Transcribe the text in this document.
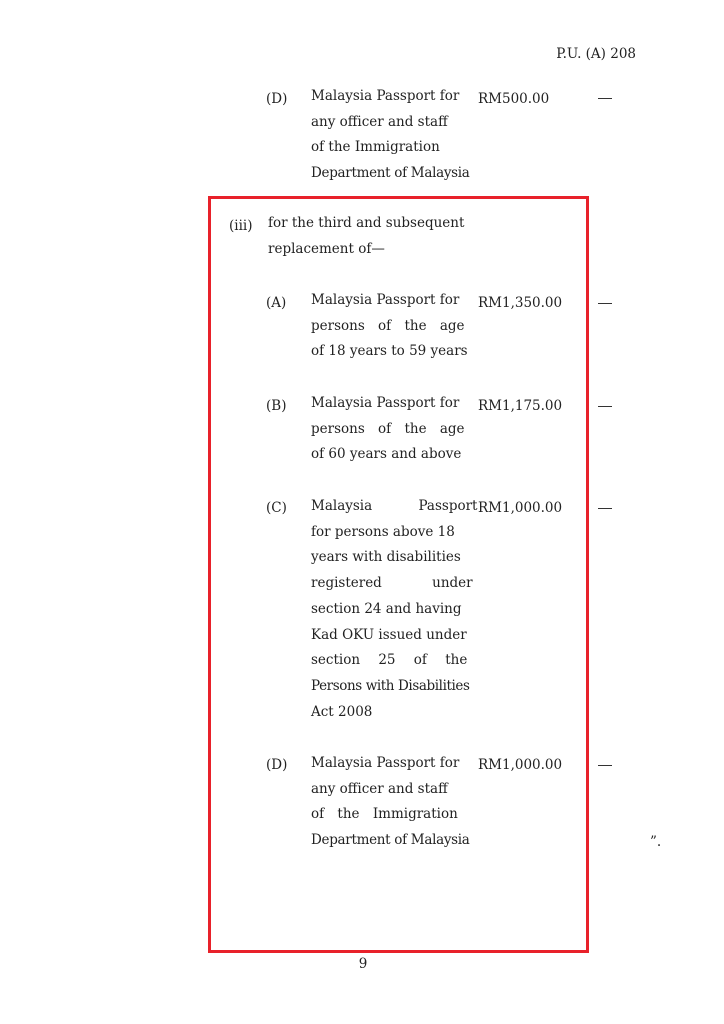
P.U. (A) 208
(D) Malaysia Passport for
any officer and staff
of the Immigration
Department of Malaysia
RM500.00
(iii) for the third and subsequent
replacement of—
(A) Malaysia Passport for
persons of the age
of 18 years to 59 years
RM1,350.00
(B) Malaysia Passport for
persons of the age
of 60 years and above
RM1,175.00
(C) Malaysia Passport
for persons above 18
years with disabilities
registered under
section 24 and having
Kad OKU issued under
section 25 of the
Persons with Disabilities
Act 2008
RM1,000.00
(D) Malaysia Passport for
any officer and staff
of the Immigration
Department of Malaysia
RM1,000.00
”.
9
